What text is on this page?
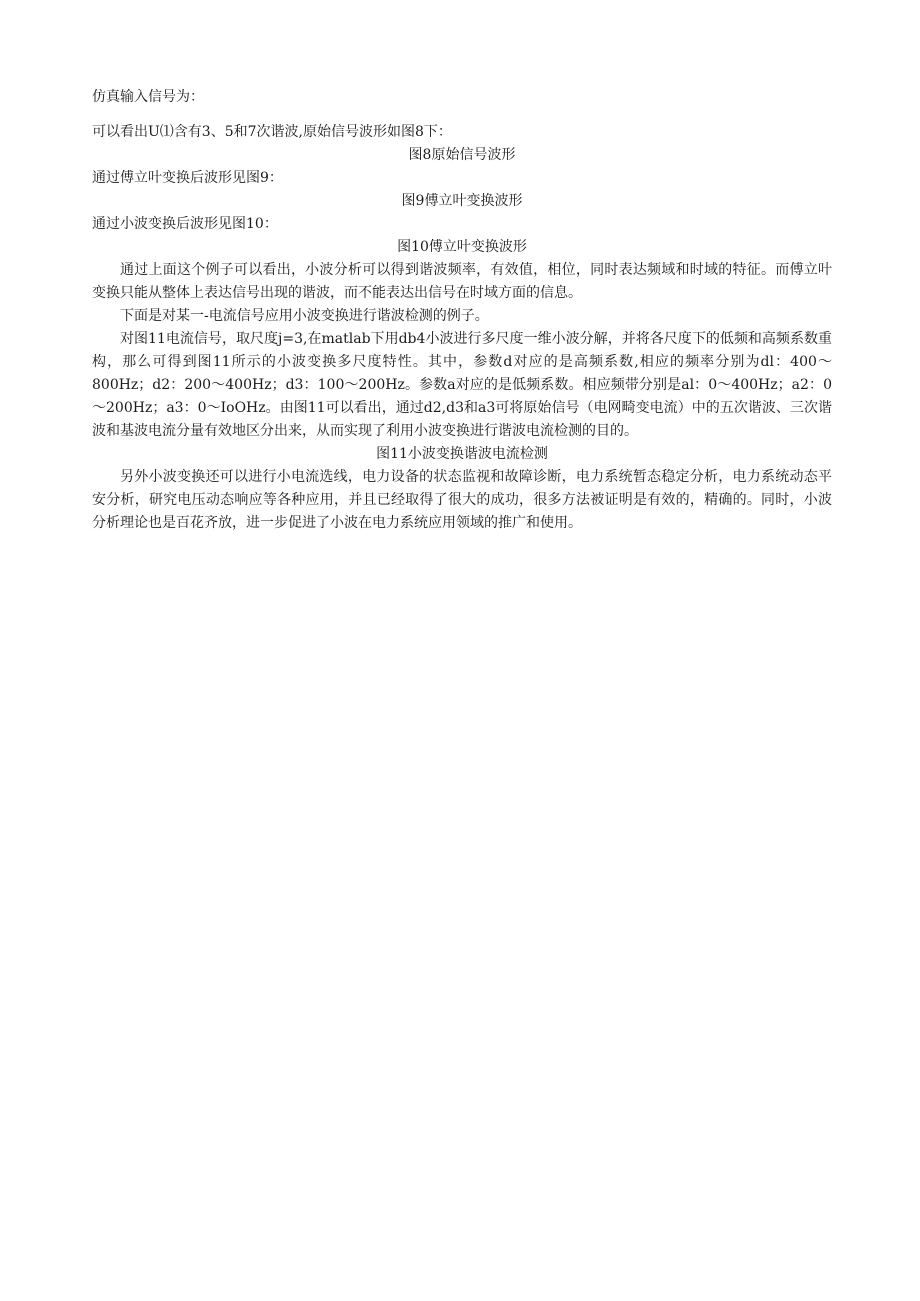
仿真输入信号为：

可以看出U⑴含有3、5和7次谐波,原始信号波形如图8下：

图8原始信号波形

通过傅立叶变换后波形见图9：

图9傅立叶变换波形

通过小波变换后波形见图10：

图10傅立叶变换波形

通过上面这个例子可以看出，小波分析可以得到谐波频率，有效值，相位，同时表达频域和时域的特征。而傅立叶变换只能从整体上表达信号出现的谐波，而不能表达出信号在时域方面的信息。

下面是对某一-电流信号应用小波变换进行谐波检测的例子。

对图11电流信号，取尺度j=3,在matlab下用db4小波进行多尺度一维小波分解，并将各尺度下的低频和高频系数重构，那么可得到图11所示的小波变换多尺度特性。其中，参数d对应的是高频系数,相应的频率分别为dl：400～800Hz；d2：200～400Hz；d3：100～200Hz。参数a对应的是低频系数。相应频带分别是al：0～400Hz；a2：0～200Hz；a3：0～IoOHz。由图11可以看出，通过d2,d3和a3可将原始信号（电网畸变电流）中的五次谐波、三次谐波和基波电流分量有效地区分出来，从而实现了利用小波变换进行谐波电流检测的目的。

图11小波变换谐波电流检测

另外小波变换还可以进行小电流选线，电力设备的状态监视和故障诊断，电力系统暂态稳定分析，电力系统动态平安分析，研究电压动态响应等各种应用，并且已经取得了很大的成功，很多方法被证明是有效的，精确的。同时，小波分析理论也是百花齐放，进一步促进了小波在电力系统应用领域的推广和使用。
